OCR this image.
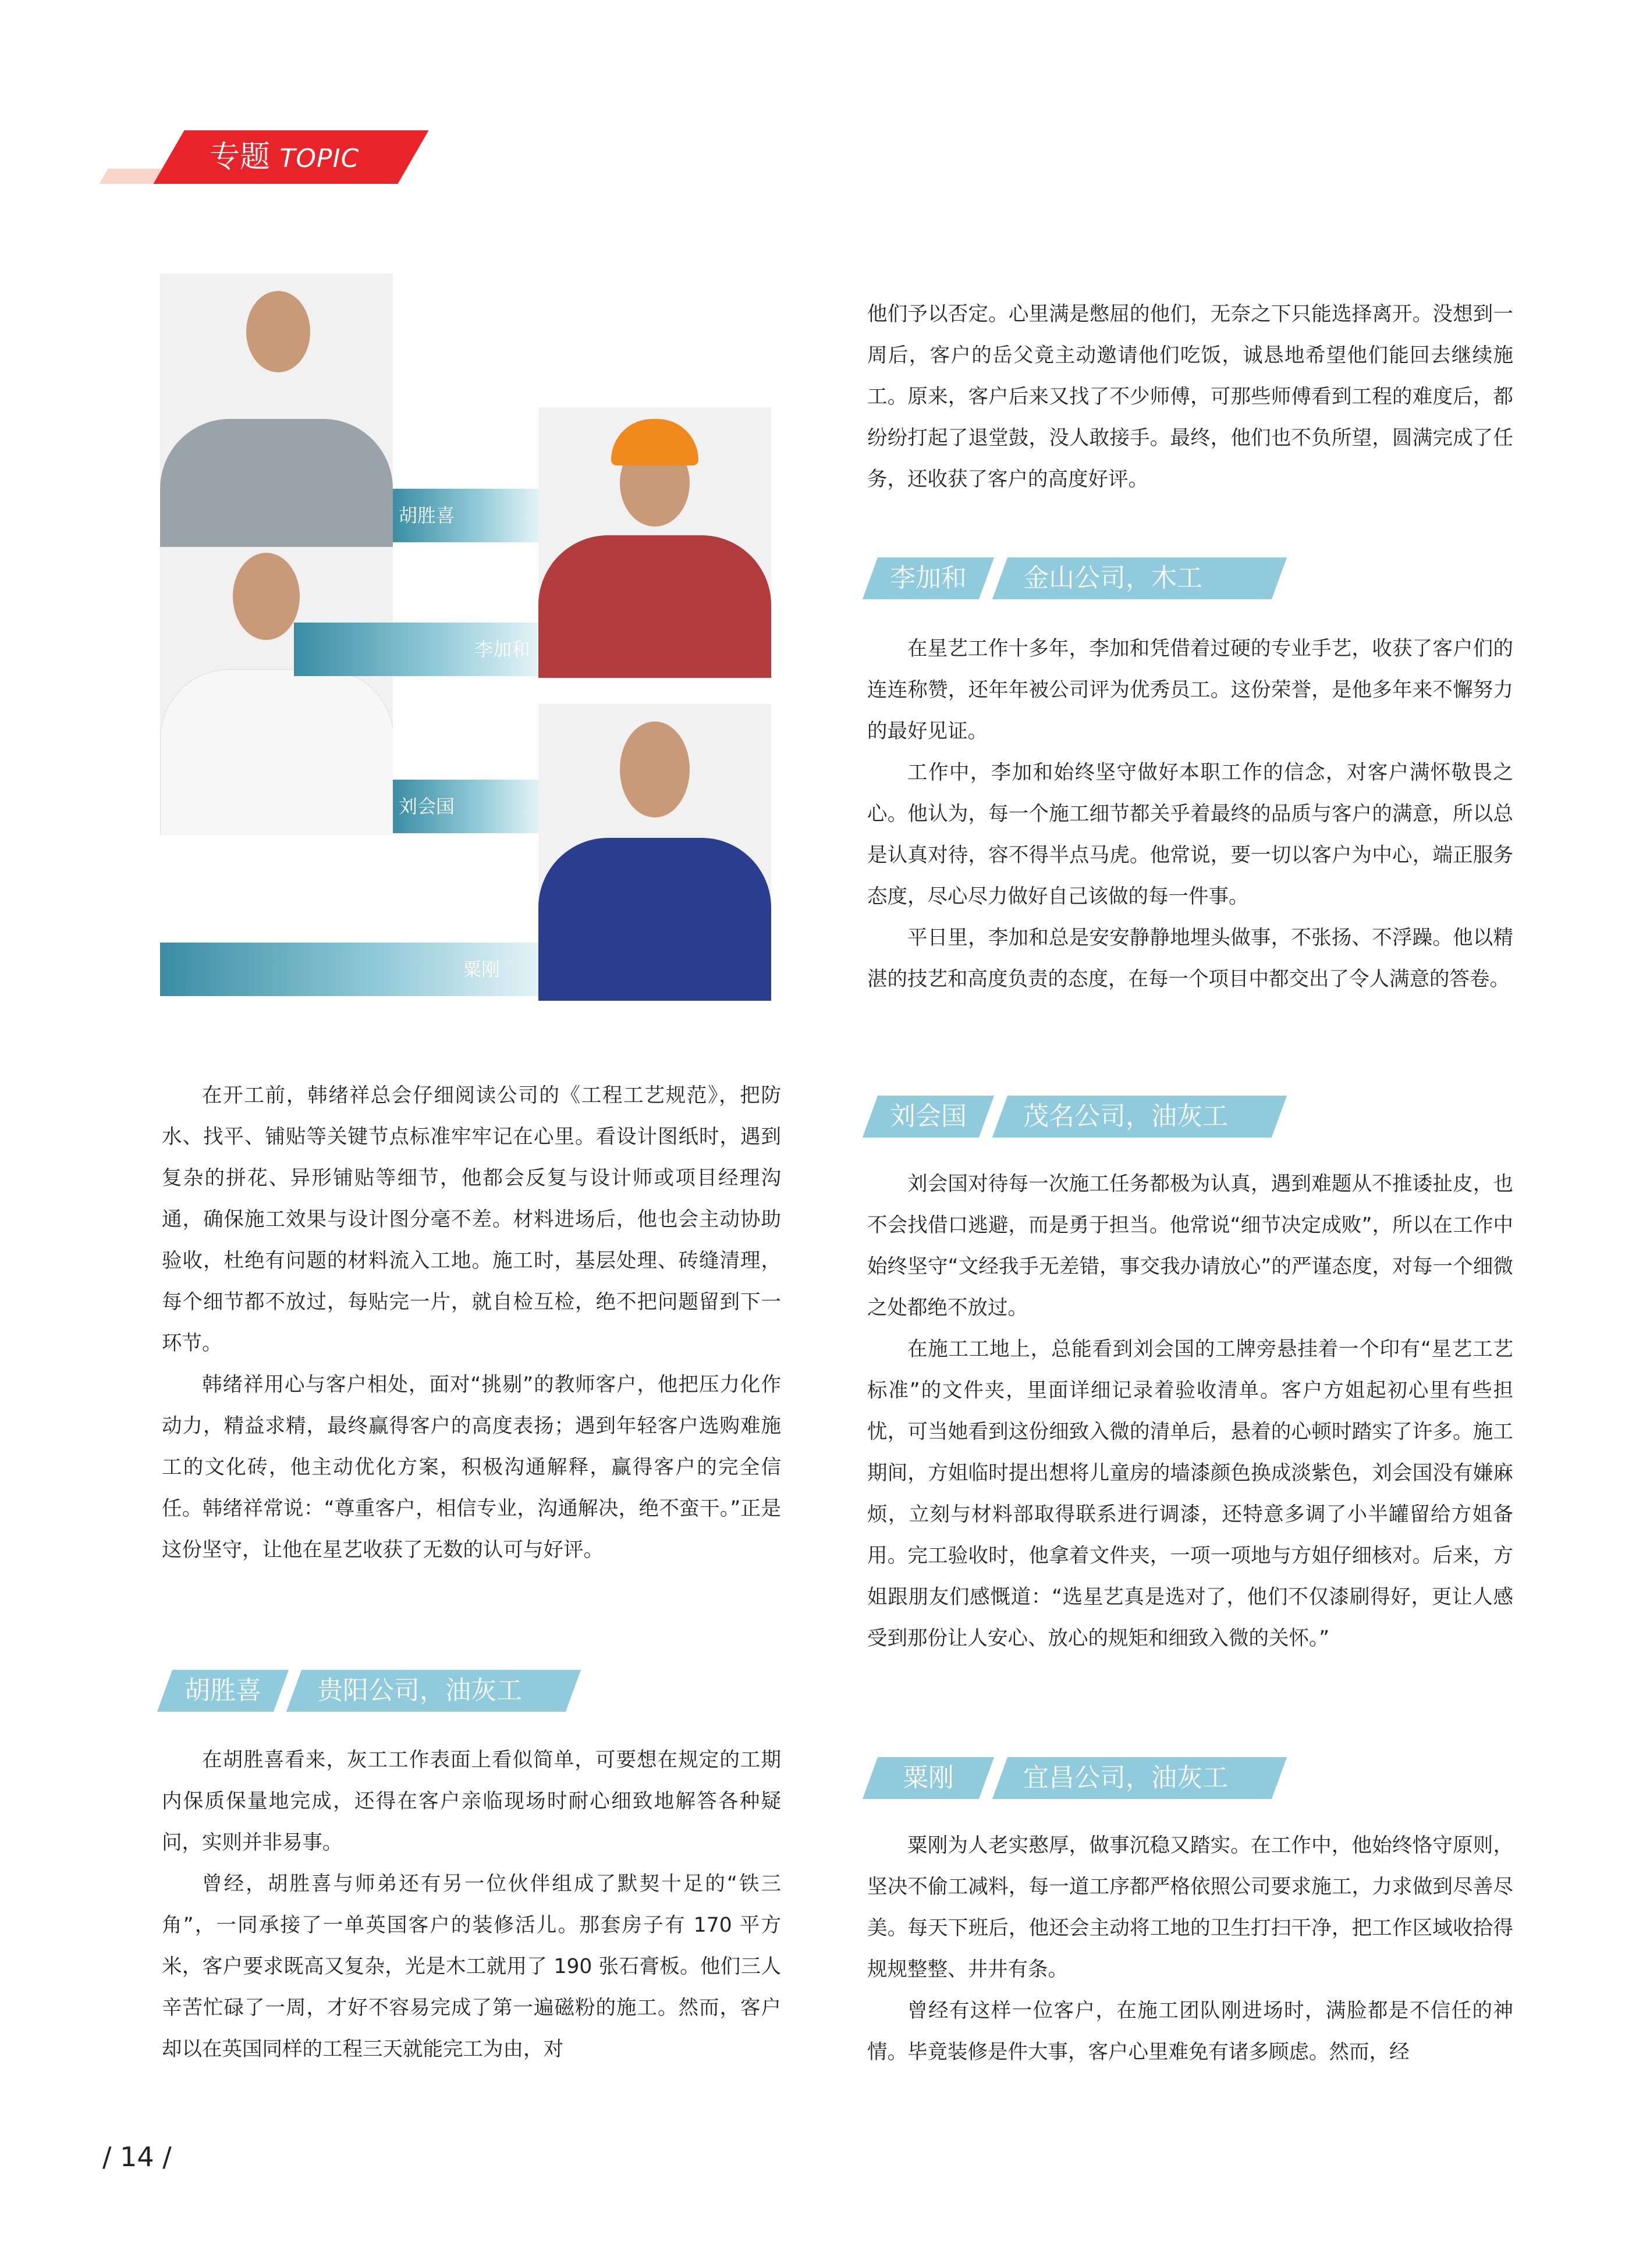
专题 TOPIC
胡胜喜
李加和
刘会国
粟刚

在开工前，韩绪祥总会仔细阅读公司的《工程工艺规范》，把防水、找平、铺贴等关键节点标准牢牢记在心里。看设计图纸时，遇到复杂的拼花、异形铺贴等细节，他都会反复与设计师或项目经理沟通，确保施工效果与设计图分毫不差。材料进场后，他也会主动协助验收，杜绝有问题的材料流入工地。施工时，基层处理、砖缝清理，每个细节都不放过，每贴完一片，就自检互检，绝不把问题留到下一环节。

韩绪祥用心与客户相处，面对“挑剔”的教师客户，他把压力化作动力，精益求精，最终赢得客户的高度表扬；遇到年轻客户选购难施工的文化砖，他主动优化方案，积极沟通解释，赢得客户的完全信任。韩绪祥常说：“尊重客户，相信专业，沟通解决，绝不蛮干。”正是这份坚守，让他在星艺收获了无数的认可与好评。

胡胜喜	贵阳公司，油灰工

在胡胜喜看来，灰工工作表面上看似简单，可要想在规定的工期内保质保量地完成，还得在客户亲临现场时耐心细致地解答各种疑问，实则并非易事。

曾经，胡胜喜与师弟还有另一位伙伴组成了默契十足的“铁三角”，一同承接了一单英国客户的装修活儿。那套房子有 170 平方米，客户要求既高又复杂，光是木工就用了 190 张石膏板。他们三人辛苦忙碌了一周，才好不容易完成了第一遍磁粉的施工。然而，客户却以在英国同样的工程三天就能完工为由，对

他们予以否定。心里满是憋屈的他们，无奈之下只能选择离开。没想到一周后，客户的岳父竟主动邀请他们吃饭，诚恳地希望他们能回去继续施工。原来，客户后来又找了不少师傅，可那些师傅看到工程的难度后，都纷纷打起了退堂鼓，没人敢接手。最终，他们也不负所望，圆满完成了任务，还收获了客户的高度好评。

李加和	金山公司，木工

在星艺工作十多年，李加和凭借着过硬的专业手艺，收获了客户们的连连称赞，还年年被公司评为优秀员工。这份荣誉，是他多年来不懈努力的最好见证。

工作中，李加和始终坚守做好本职工作的信念，对客户满怀敬畏之心。他认为，每一个施工细节都关乎着最终的品质与客户的满意，所以总是认真对待，容不得半点马虎。他常说，要一切以客户为中心，端正服务态度，尽心尽力做好自己该做的每一件事。

平日里，李加和总是安安静静地埋头做事，不张扬、不浮躁。他以精湛的技艺和高度负责的态度，在每一个项目中都交出了令人满意的答卷。

刘会国	茂名公司，油灰工

刘会国对待每一次施工任务都极为认真，遇到难题从不推诿扯皮，也不会找借口逃避，而是勇于担当。他常说“细节决定成败”，所以在工作中始终坚守“文经我手无差错，事交我办请放心”的严谨态度，对每一个细微之处都绝不放过。

在施工工地上，总能看到刘会国的工牌旁悬挂着一个印有“星艺工艺标准”的文件夹，里面详细记录着验收清单。客户方姐起初心里有些担忧，可当她看到这份细致入微的清单后，悬着的心顿时踏实了许多。施工期间，方姐临时提出想将儿童房的墙漆颜色换成淡紫色，刘会国没有嫌麻烦，立刻与材料部取得联系进行调漆，还特意多调了小半罐留给方姐备用。完工验收时，他拿着文件夹，一项一项地与方姐仔细核对。后来，方姐跟朋友们感慨道：“选星艺真是选对了，他们不仅漆刷得好，更让人感受到那份让人安心、放心的规矩和细致入微的关怀。”

粟刚	宜昌公司，油灰工

粟刚为人老实憨厚，做事沉稳又踏实。在工作中，他始终恪守原则，坚决不偷工减料，每一道工序都严格依照公司要求施工，力求做到尽善尽美。每天下班后，他还会主动将工地的卫生打扫干净，把工作区域收拾得规规整整、井井有条。

曾经有这样一位客户，在施工团队刚进场时，满脸都是不信任的神情。毕竟装修是件大事，客户心里难免有诸多顾虑。然而，经

/ 14 /
